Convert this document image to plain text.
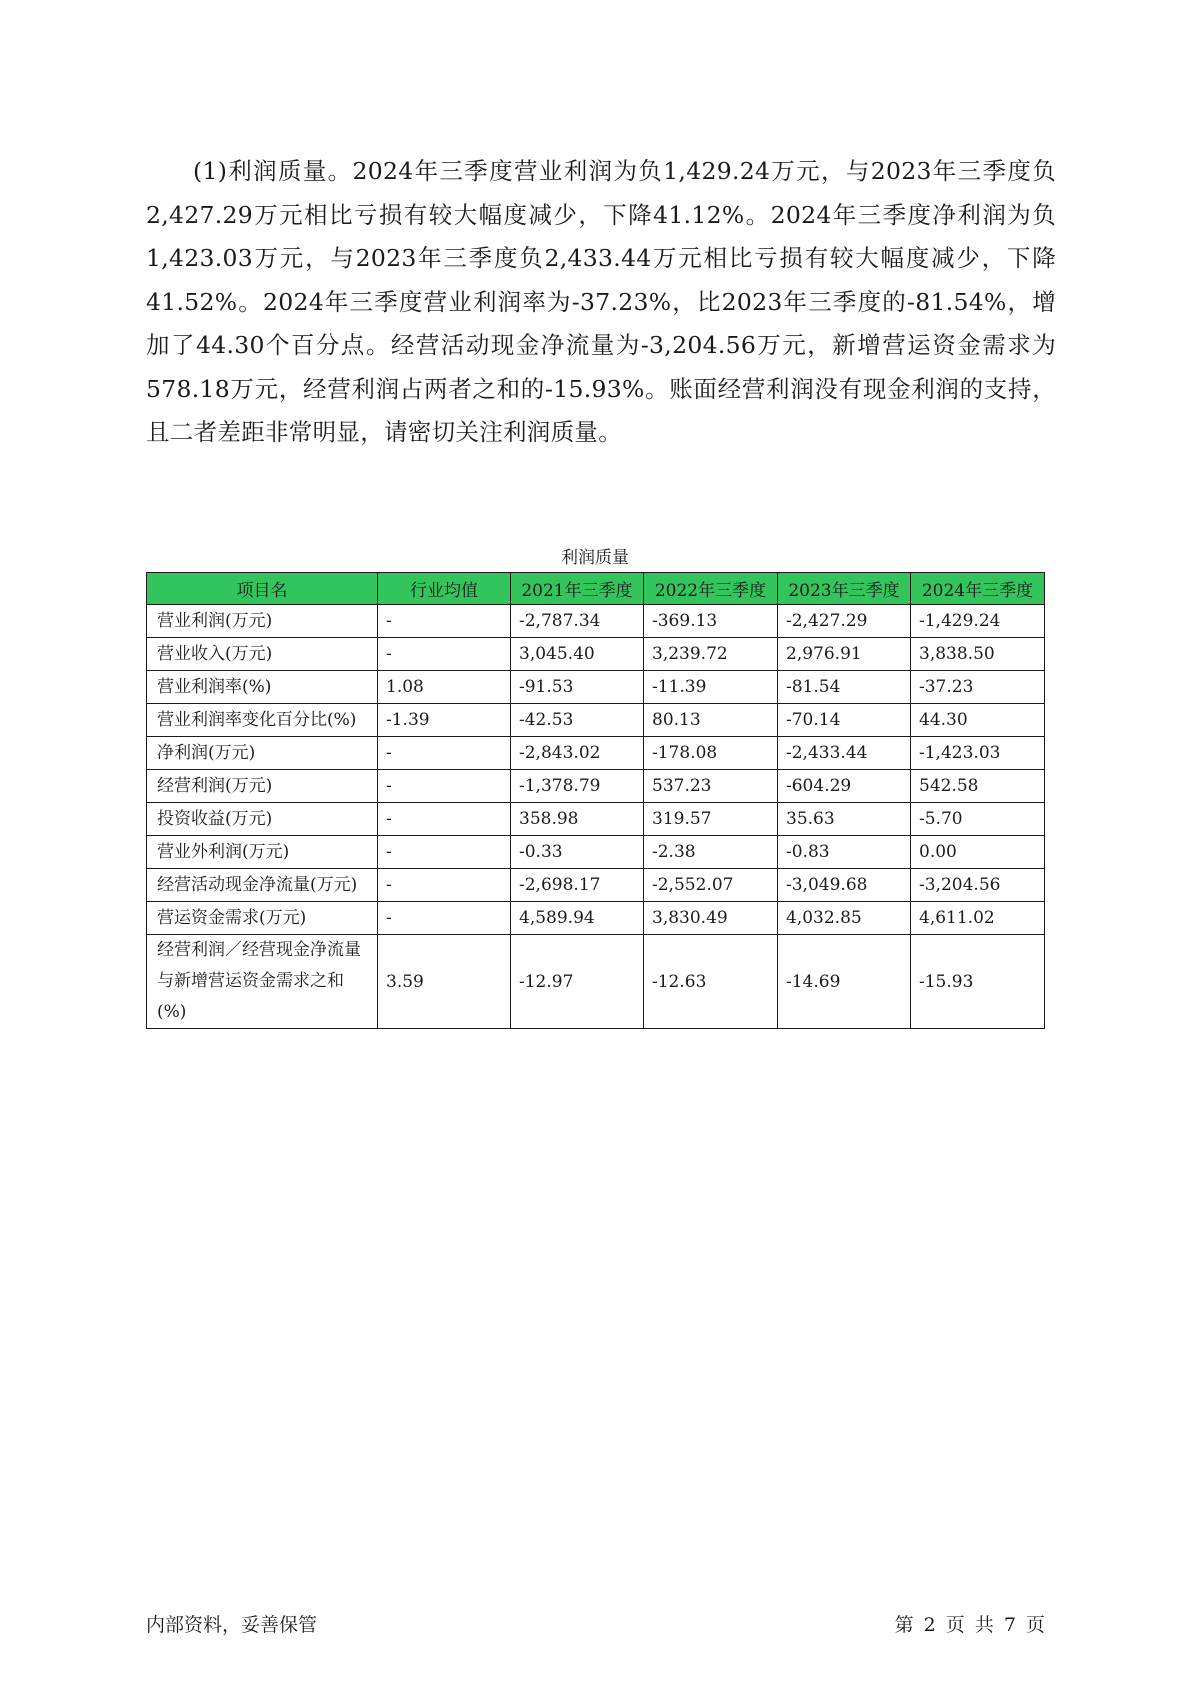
(1)利润质量。2024年三季度营业利润为负1,429.24万元，与2023年三季度负2,427.29万元相比亏损有较大幅度减少，下降41.12%。2024年三季度净利润为负1,423.03万元，与2023年三季度负2,433.44万元相比亏损有较大幅度减少，下降41.52%。2024年三季度营业利润率为-37.23%，比2023年三季度的-81.54%，增加了44.30个百分点。经营活动现金净流量为-3,204.56万元，新增营运资金需求为578.18万元，经营利润占两者之和的-15.93%。账面经营利润没有现金利润的支持，且二者差距非常明显，请密切关注利润质量。

利润质量
项目名	行业均值	2021年三季度	2022年三季度	2023年三季度	2024年三季度
营业利润(万元)	-	-2,787.34	-369.13	-2,427.29	-1,429.24
营业收入(万元)	-	3,045.40	3,239.72	2,976.91	3,838.50
营业利润率(%)	1.08	-91.53	-11.39	-81.54	-37.23
营业利润率变化百分比(%)	-1.39	-42.53	80.13	-70.14	44.30
净利润(万元)	-	-2,843.02	-178.08	-2,433.44	-1,423.03
经营利润(万元)	-	-1,378.79	537.23	-604.29	542.58
投资收益(万元)	-	358.98	319.57	35.63	-5.70
营业外利润(万元)	-	-0.33	-2.38	-0.83	0.00
经营活动现金净流量(万元)	-	-2,698.17	-2,552.07	-3,049.68	-3,204.56
营运资金需求(万元)	-	4,589.94	3,830.49	4,032.85	4,611.02
经营利润／经营现金净流量与新增营运资金需求之和(%)	3.59	-12.97	-12.63	-14.69	-15.93
内部资料，妥善保管	第 2 页 共 7 页
